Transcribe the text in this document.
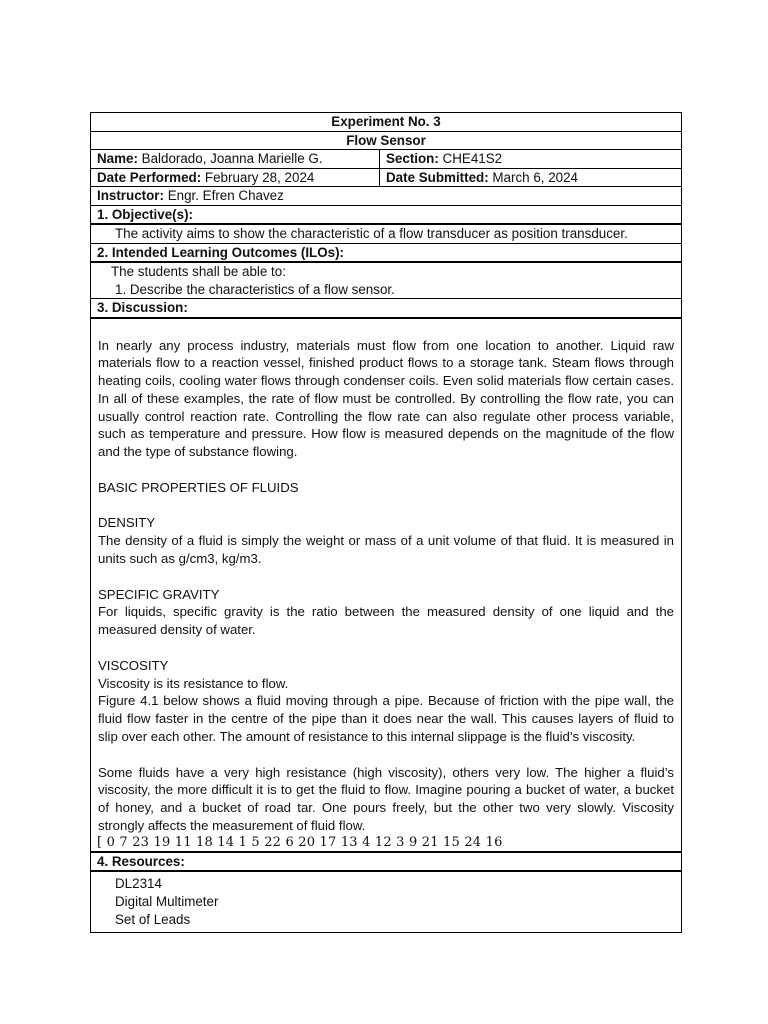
Experiment No. 3
Flow Sensor
Name: Baldorado, Joanna Marielle G.	Section: CHE41S2
Date Performed: February 28, 2024	Date Submitted: March 6, 2024
Instructor: Engr. Efren Chavez
1. Objective(s):
The activity aims to show the characteristic of a flow transducer as position transducer.
2. Intended Learning Outcomes (ILOs):
The students shall be able to:
1. Describe the characteristics of a flow sensor.
3. Discussion:

In nearly any process industry, materials must flow from one location to another. Liquid raw materials flow to a reaction vessel, finished product flows to a storage tank. Steam flows through heating coils, cooling water flows through condenser coils. Even solid materials flow certain cases. In all of these examples, the rate of flow must be controlled. By controlling the flow rate, you can usually control reaction rate. Controlling the flow rate can also regulate other process variable, such as temperature and pressure. How flow is measured depends on the magnitude of the flow and the type of substance flowing.

BASIC PROPERTIES OF FLUIDS

DENSITY

The density of a fluid is simply the weight or mass of a unit volume of that fluid. It is measured in units such as g/cm3, kg/m3.

SPECIFIC GRAVITY

For liquids, specific gravity is the ratio between the measured density of one liquid and the measured density of water.

VISCOSITY

Viscosity is its resistance to flow.

Figure 4.1 below shows a fluid moving through a pipe. Because of friction with the pipe wall, the fluid flow faster in the centre of the pipe than it does near the wall. This causes layers of fluid to slip over each other. The amount of resistance to this internal slippage is the fluid’s viscosity.

Some fluids have a very high resistance (high viscosity), others very low. The higher a fluid’s viscosity, the more difficult it is to get the fluid to flow. Imagine pouring a bucket of water, a bucket of honey, and a bucket of road tar. One pours freely, but the other two very slowly. Viscosity strongly affects the measurement of fluid flow.

[ 0 7 23 19 11 18 14 1 5 22 6 20 17 13 4 12 3 9 21 15 24 16
4. Resources:
DL2314
Digital Multimeter
Set of Leads
